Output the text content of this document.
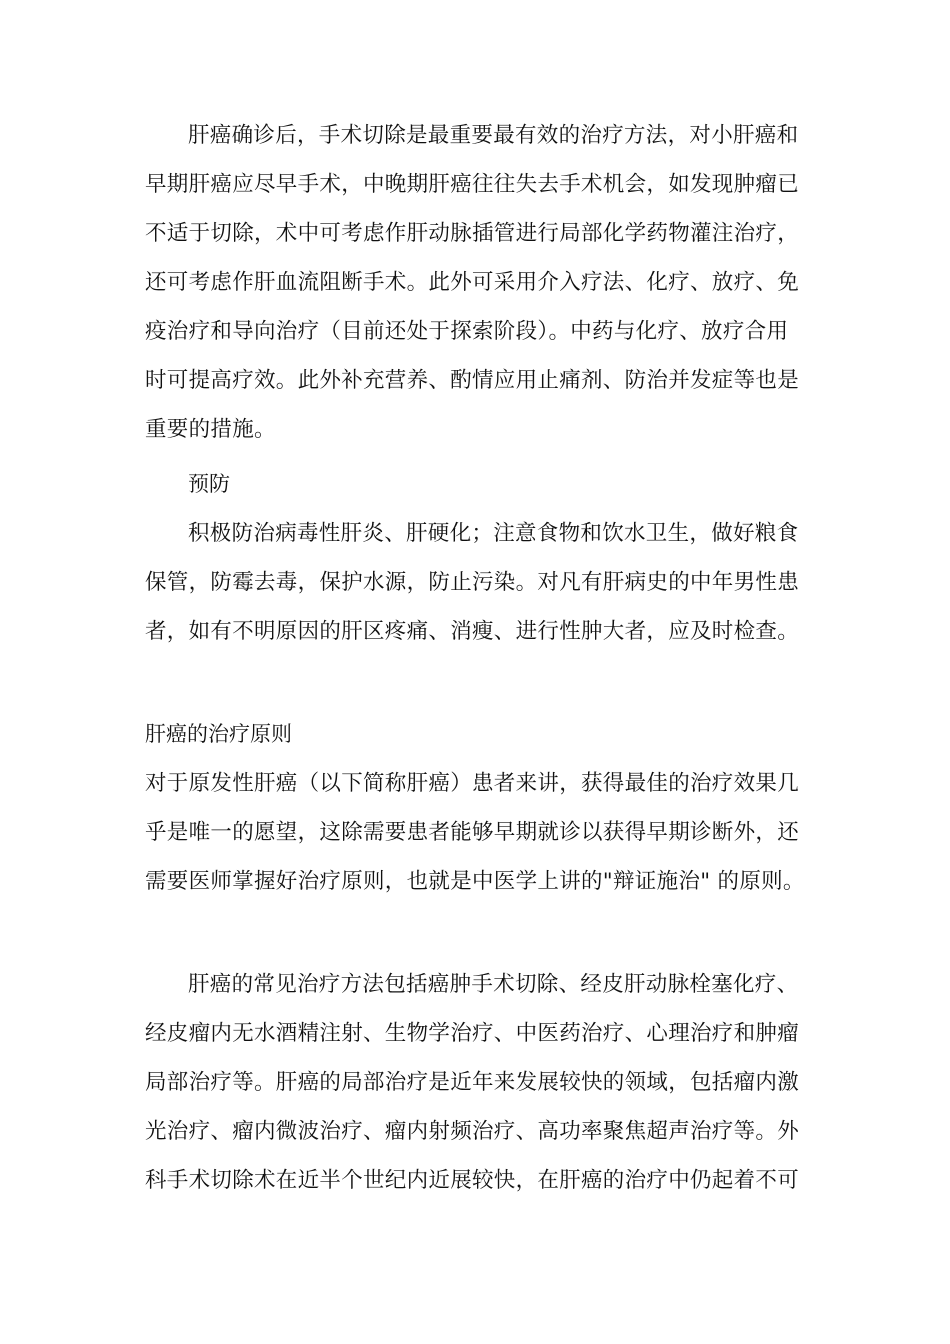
肝癌确诊后，手术切除是最重要最有效的治疗方法，对小肝癌和
早期肝癌应尽早手术，中晚期肝癌往往失去手术机会，如发现肿瘤已
不适于切除，术中可考虑作肝动脉插管进行局部化学药物灌注治疗，
还可考虑作肝血流阻断手术。此外可采用介入疗法、化疗、放疗、免
疫治疗和导向治疗（目前还处于探索阶段）。中药与化疗、放疗合用
时可提高疗效。此外补充营养、酌情应用止痛剂、防治并发症等也是
重要的措施。
预防
积极防治病毒性肝炎、肝硬化；注意食物和饮水卫生，做好粮食
保管，防霉去毒，保护水源，防止污染。对凡有肝病史的中年男性患
者，如有不明原因的肝区疼痛、消瘦、进行性肿大者，应及时检查。
肝癌的治疗原则
对于原发性肝癌（以下简称肝癌）患者来讲，获得最佳的治疗效果几
乎是唯一的愿望，这除需要患者能够早期就诊以获得早期诊断外，还
需要医师掌握好治疗原则，也就是中医学上讲的"辩证施治" 的原则。
肝癌的常见治疗方法包括癌肿手术切除、经皮肝动脉栓塞化疗、
经皮瘤内无水酒精注射、生物学治疗、中医药治疗、心理治疗和肿瘤
局部治疗等。肝癌的局部治疗是近年来发展较快的领域，包括瘤内激
光治疗、瘤内微波治疗、瘤内射频治疗、高功率聚焦超声治疗等。外
科手术切除术在近半个世纪内近展较快，在肝癌的治疗中仍起着不可
